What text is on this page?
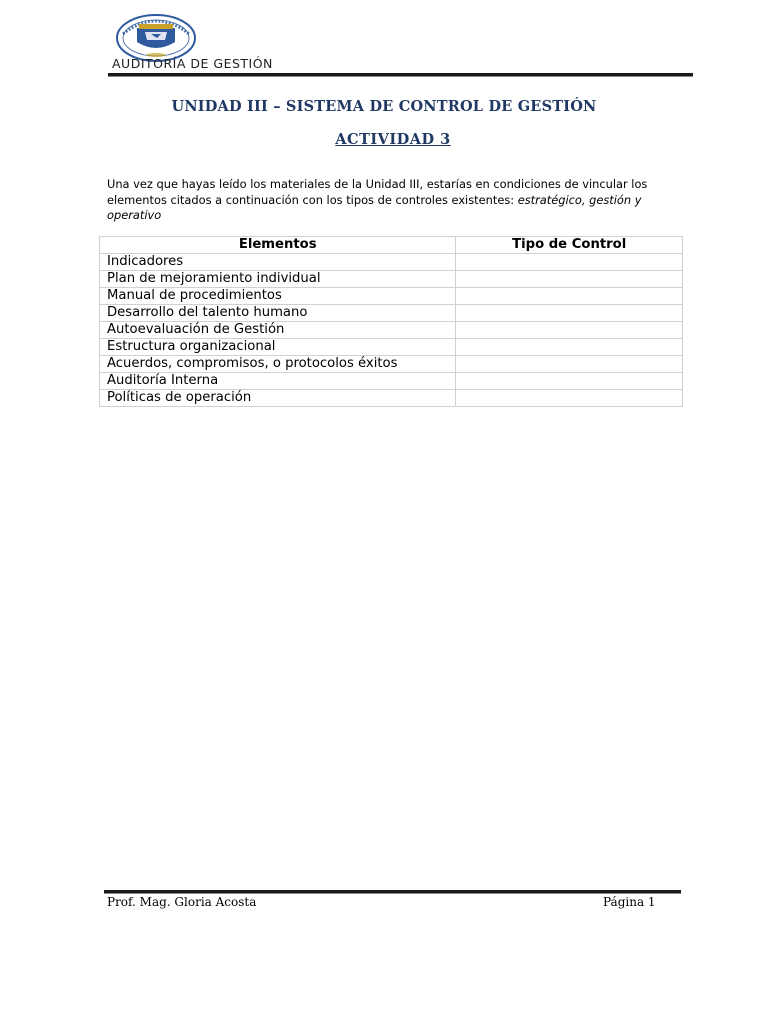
AUDITORÍA DE GESTIÓN
UNIDAD III – SISTEMA DE CONTROL DE GESTIÓN
ACTIVIDAD 3
Una vez que hayas leído los materiales de la Unidad III, estarías en condiciones de vincular los elementos citados a continuación con los tipos de controles existentes: estratégico, gestión y operativo
Elementos	Tipo de Control
Indicadores	
Plan de mejoramiento individual	
Manual de procedimientos	
Desarrollo del talento humano	
Autoevaluación de Gestión	
Estructura organizacional	
Acuerdos, compromisos, o protocolos éxitos	
Auditoría Interna	
Políticas de operación	
Prof. Mag. Gloria Acosta	Página 1
